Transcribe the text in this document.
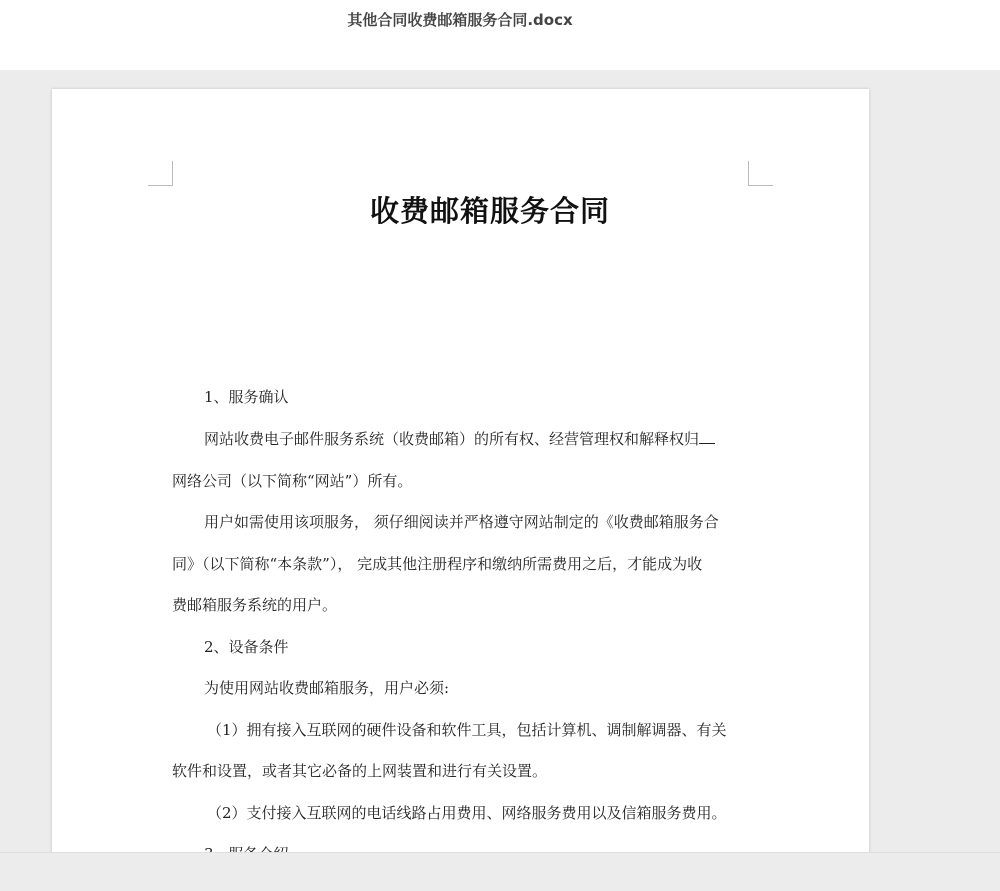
其他合同收费邮箱服务合同.docx
收费邮箱服务合同
1、服务确认
网站收费电子邮件服务系统（收费邮箱）的所有权、经营管理权和解释权归
网络公司（以下简称“网站”）所有。
用户如需使用该项服务， 须仔细阅读并严格遵守网站制定的《收费邮箱服务合
同》（以下简称“本条款”）， 完成其他注册程序和缴纳所需费用之后，才能成为收
费邮箱服务系统的用户。
2、设备条件
为使用网站收费邮箱服务，用户必须:
（1）拥有接入互联网的硬件设备和软件工具，包括计算机、调制解调器、有关
软件和设置，或者其它必备的上网装置和进行有关设置。
（2）支付接入互联网的电话线路占用费用、网络服务费用以及信箱服务费用。
